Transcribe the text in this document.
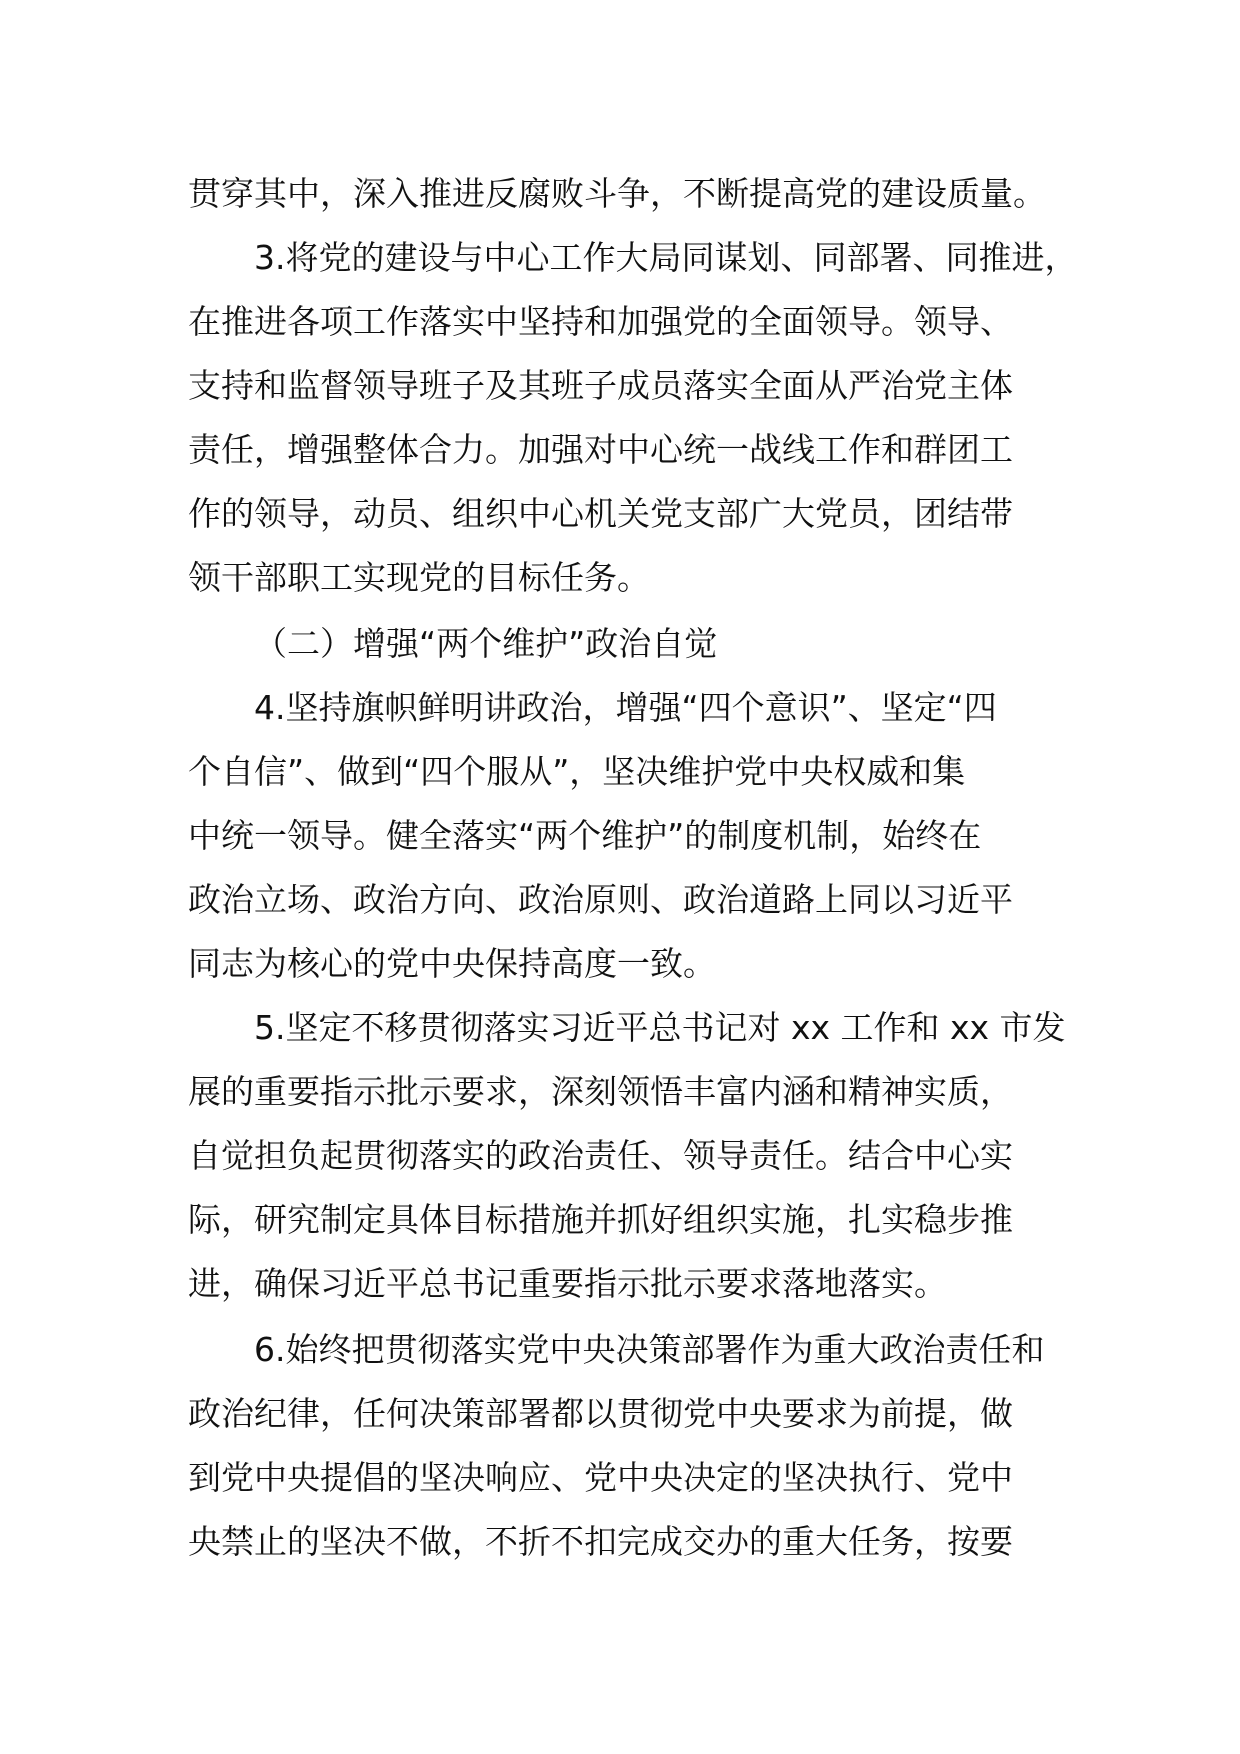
贯穿其中，深入推进反腐败斗争，不断提高党的建设质量。
3.将党的建设与中心工作大局同谋划、同部署、同推进，
在推进各项工作落实中坚持和加强党的全面领导。领导、
支持和监督领导班子及其班子成员落实全面从严治党主体
责任，增强整体合力。加强对中心统一战线工作和群团工
作的领导，动员、组织中心机关党支部广大党员，团结带
领干部职工实现党的目标任务。
（二）增强“两个维护”政治自觉
4.坚持旗帜鲜明讲政治，增强“四个意识”、坚定“四
个自信”、做到“四个服从”，坚决维护党中央权威和集
中统一领导。健全落实“两个维护”的制度机制，始终在
政治立场、政治方向、政治原则、政治道路上同以习近平
同志为核心的党中央保持高度一致。
5.坚定不移贯彻落实习近平总书记对 xx 工作和 xx 市发
展的重要指示批示要求，深刻领悟丰富内涵和精神实质，
自觉担负起贯彻落实的政治责任、领导责任。结合中心实
际，研究制定具体目标措施并抓好组织实施，扎实稳步推
进，确保习近平总书记重要指示批示要求落地落实。
6.始终把贯彻落实党中央决策部署作为重大政治责任和
政治纪律，任何决策部署都以贯彻党中央要求为前提，做
到党中央提倡的坚决响应、党中央决定的坚决执行、党中
央禁止的坚决不做，不折不扣完成交办的重大任务，按要
